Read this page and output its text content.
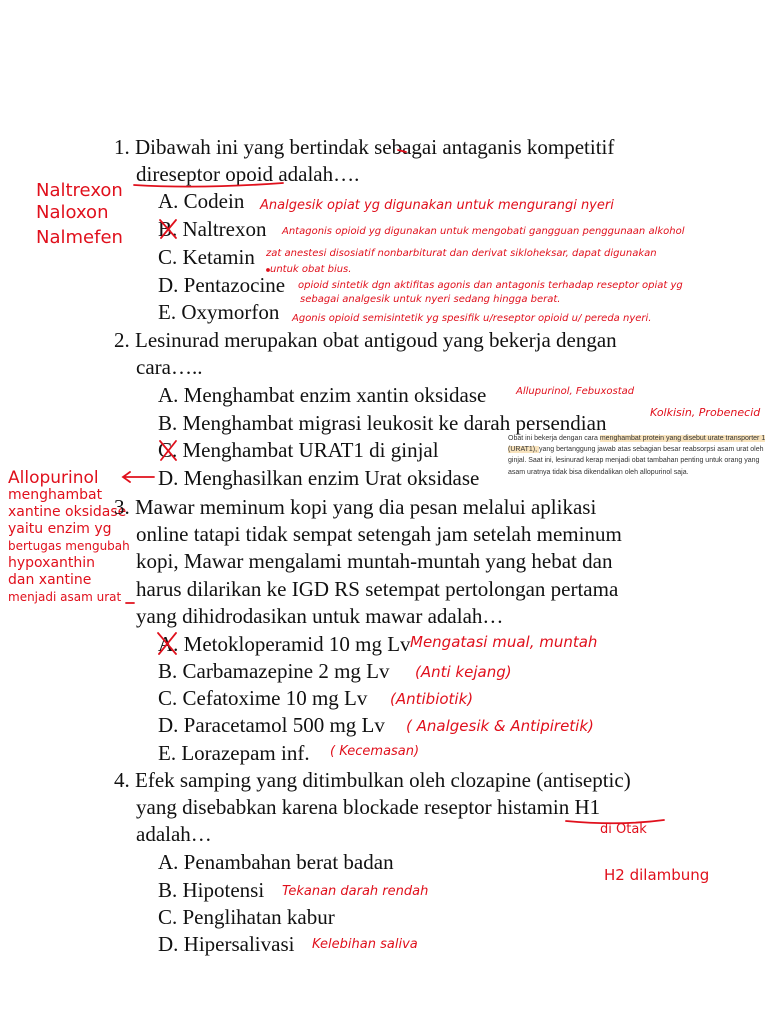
1. Dibawah ini yang bertindak sebagai antaganis kompetitif
direseptor opoid adalah….
A. Codein
B. Naltrexon
C. Ketamin
D. Pentazocine
E. Oxymorfon
Analgesik opiat yg digunakan untuk mengurangi nyeri
Antagonis opioid yg digunakan untuk mengobati gangguan penggunaan alkohol
zat anestesi disosiatif nonbarbiturat dan derivat sikloheksar, dapat digunakan
untuk obat bius.
opioid sintetik dgn aktifitas agonis dan antagonis terhadap reseptor opiat yg
sebagai analgesik untuk nyeri sedang hingga berat.
Agonis opioid semisintetik yg spesifik u/reseptor opioid u/ pereda nyeri.
Naltrexon
Naloxon
Nalmefen
2. Lesinurad merupakan obat antigoud yang bekerja dengan
cara…..
A. Menghambat enzim xantin oksidase
B. Menghambat migrasi leukosit ke darah persendian
C. Menghambat URAT1 di ginjal
D. Menghasilkan enzim Urat oksidase
Allupurinol, Febuxostad
Kolkisin, Probenecid
Obat ini bekerja dengan cara menghambat protein yang disebut urate transporter 1 (URAT1), yang bertanggung jawab atas sebagian besar reabsorpsi asam urat oleh ginjal. Saat ini, lesinurad kerap menjadi obat tambahan penting untuk orang yang asam uratnya tidak bisa dikendalikan oleh allopurinol saja.
Allopurinol
menghambat
xantine oksidase
yaitu enzim yg
bertugas mengubah
hypoxanthin
dan xantine
menjadi asam urat
3. Mawar meminum kopi yang dia pesan melalui aplikasi
online tatapi tidak sempat setengah jam setelah meminum
kopi, Mawar mengalami muntah-muntah yang hebat dan
harus dilarikan ke IGD RS setempat pertolongan pertama
yang dihidrodasikan untuk mawar adalah…
A. Metokloperamid 10 mg Lv
B. Carbamazepine 2 mg Lv
C. Cefatoxime 10 mg Lv
D. Paracetamol 500 mg Lv
E. Lorazepam inf.
Mengatasi mual, muntah
(Anti kejang)
(Antibiotik)
( Analgesik & Antipiretik)
( Kecemasan)
4. Efek samping yang ditimbulkan oleh clozapine (antiseptic)
yang disebabkan karena blockade reseptor histamin H1
adalah…
A. Penambahan berat badan
B. Hipotensi
C. Penglihatan kabur
D. Hipersalivasi
di Otak
H2 dilambung
Tekanan darah rendah
Kelebihan saliva
